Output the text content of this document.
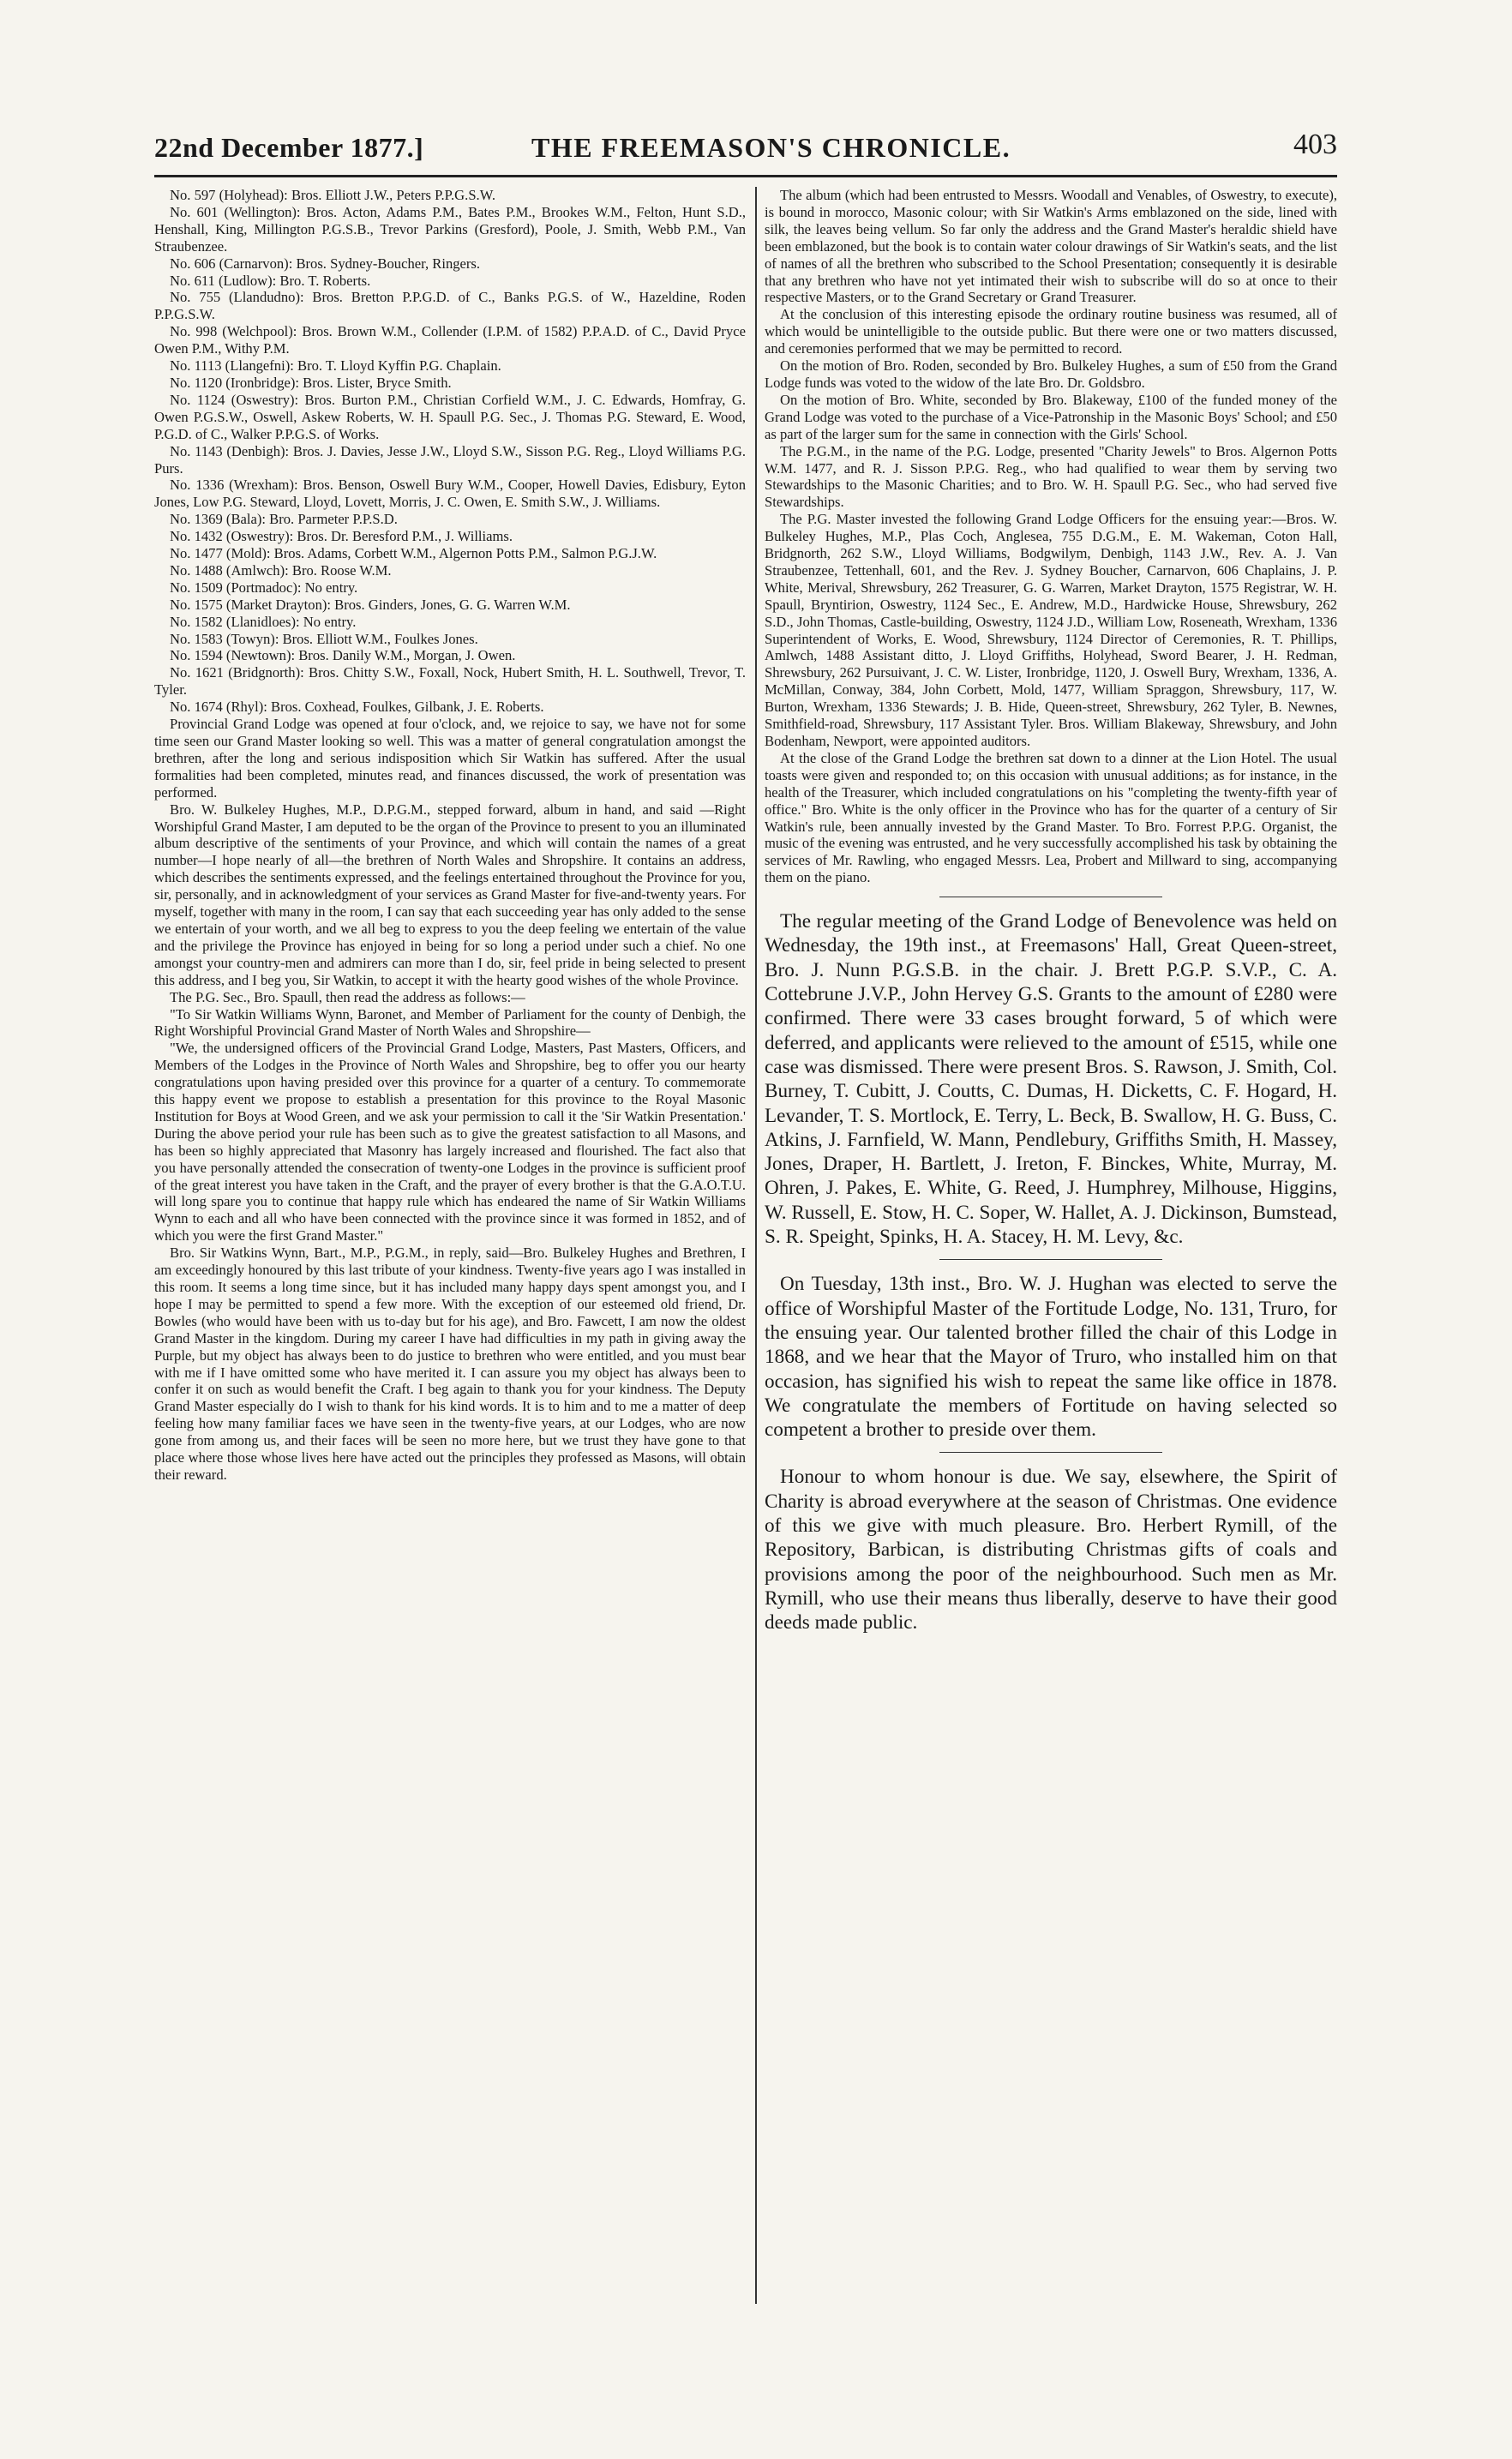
22nd December 1877.]	THE FREEMASON'S CHRONICLE.	403

No. 597 (Holyhead): Bros. Elliott J.W., Peters P.P.G.S.W.

No. 601 (Wellington): Bros. Acton, Adams P.M., Bates P.M., Brookes W.M., Felton, Hunt S.D., Henshall, King, Millington P.G.S.B., Trevor Parkins (Gresford), Poole, J. Smith, Webb P.M., Van Straubenzee.

No. 606 (Carnarvon): Bros. Sydney-Boucher, Ringers.

No. 611 (Ludlow): Bro. T. Roberts.

No. 755 (Llandudno): Bros. Bretton P.P.G.D. of C., Banks P.G.S. of W., Hazeldine, Roden P.P.G.S.W.

No. 998 (Welchpool): Bros. Brown W.M., Collender (I.P.M. of 1582) P.P.A.D. of C., David Pryce Owen P.M., Withy P.M.

No. 1113 (Llangefni): Bro. T. Lloyd Kyffin P.G. Chaplain.

No. 1120 (Ironbridge): Bros. Lister, Bryce Smith.

No. 1124 (Oswestry): Bros. Burton P.M., Christian Corfield W.M., J. C. Edwards, Homfray, G. Owen P.G.S.W., Oswell, Askew Roberts, W. H. Spaull P.G. Sec., J. Thomas P.G. Steward, E. Wood, P.G.D. of C., Walker P.P.G.S. of Works.

No. 1143 (Denbigh): Bros. J. Davies, Jesse J.W., Lloyd S.W., Sisson P.G. Reg., Lloyd Williams P.G. Purs.

No. 1336 (Wrexham): Bros. Benson, Oswell Bury W.M., Cooper, Howell Davies, Edisbury, Eyton Jones, Low P.G. Steward, Lloyd, Lovett, Morris, J. C. Owen, E. Smith S.W., J. Williams.

No. 1369 (Bala): Bro. Parmeter P.P.S.D.

No. 1432 (Oswestry): Bros. Dr. Beresford P.M., J. Williams.

No. 1477 (Mold): Bros. Adams, Corbett W.M., Algernon Potts P.M., Salmon P.G.J.W.

No. 1488 (Amlwch): Bro. Roose W.M.

No. 1509 (Portmadoc): No entry.

No. 1575 (Market Drayton): Bros. Ginders, Jones, G. G. Warren W.M.

No. 1582 (Llanidloes): No entry.

No. 1583 (Towyn): Bros. Elliott W.M., Foulkes Jones.

No. 1594 (Newtown): Bros. Danily W.M., Morgan, J. Owen.

No. 1621 (Bridgnorth): Bros. Chitty S.W., Foxall, Nock, Hubert Smith, H. L. Southwell, Trevor, T. Tyler.

No. 1674 (Rhyl): Bros. Coxhead, Foulkes, Gilbank, J. E. Roberts.

Provincial Grand Lodge was opened at four o'clock, and, we rejoice to say, we have not for some time seen our Grand Master looking so well. This was a matter of general congratulation amongst the brethren, after the long and serious indisposition which Sir Watkin has suffered. After the usual formalities had been completed, minutes read, and finances discussed, the work of presentation was performed.

Bro. W. Bulkeley Hughes, M.P., D.P.G.M., stepped forward, album in hand, and said —Right Worshipful Grand Master, I am deputed to be the organ of the Province to present to you an illuminated album descriptive of the sentiments of your Province, and which will contain the names of a great number—I hope nearly of all—the brethren of North Wales and Shropshire. It contains an address, which describes the sentiments expressed, and the feelings entertained throughout the Province for you, sir, personally, and in acknowledgment of your services as Grand Master for five-and-twenty years. For myself, together with many in the room, I can say that each succeeding year has only added to the sense we entertain of your worth, and we all beg to express to you the deep feeling we entertain of the value and the privilege the Province has enjoyed in being for so long a period under such a chief. No one amongst your country-men and admirers can more than I do, sir, feel pride in being selected to present this address, and I beg you, Sir Watkin, to accept it with the hearty good wishes of the whole Province.

The P.G. Sec., Bro. Spaull, then read the address as follows:—

"To Sir Watkin Williams Wynn, Baronet, and Member of Parliament for the county of Denbigh, the Right Worshipful Provincial Grand Master of North Wales and Shropshire—

"We, the undersigned officers of the Provincial Grand Lodge, Masters, Past Masters, Officers, and Members of the Lodges in the Province of North Wales and Shropshire, beg to offer you our hearty congratulations upon having presided over this province for a quarter of a century. To commemorate this happy event we propose to establish a presentation for this province to the Royal Masonic Institution for Boys at Wood Green, and we ask your permission to call it the 'Sir Watkin Presentation.' During the above period your rule has been such as to give the greatest satisfaction to all Masons, and has been so highly appreciated that Masonry has largely increased and flourished. The fact also that you have personally attended the consecration of twenty-one Lodges in the province is sufficient proof of the great interest you have taken in the Craft, and the prayer of every brother is that the G.A.O.T.U. will long spare you to continue that happy rule which has endeared the name of Sir Watkin Williams Wynn to each and all who have been connected with the province since it was formed in 1852, and of which you were the first Grand Master."

Bro. Sir Watkins Wynn, Bart., M.P., P.G.M., in reply, said—Bro. Bulkeley Hughes and Brethren, I am exceedingly honoured by this last tribute of your kindness. Twenty-five years ago I was installed in this room. It seems a long time since, but it has included many happy days spent amongst you, and I hope I may be permitted to spend a few more. With the exception of our esteemed old friend, Dr. Bowles (who would have been with us to-day but for his age), and Bro. Fawcett, I am now the oldest Grand Master in the kingdom. During my career I have had difficulties in my path in giving away the Purple, but my object has always been to do justice to brethren who were entitled, and you must bear with me if I have omitted some who have merited it. I can assure you my object has always been to confer it on such as would benefit the Craft. I beg again to thank you for your kindness. The Deputy Grand Master especially do I wish to thank for his kind words. It is to him and to me a matter of deep feeling how many familiar faces we have seen in the twenty-five years, at our Lodges, who are now gone from among us, and their faces will be seen no more here, but we trust they have gone to that place where those whose lives here have acted out the principles they professed as Masons, will obtain their reward.

The album (which had been entrusted to Messrs. Woodall and Venables, of Oswestry, to execute), is bound in morocco, Masonic colour; with Sir Watkin's Arms emblazoned on the side, lined with silk, the leaves being vellum. So far only the address and the Grand Master's heraldic shield have been emblazoned, but the book is to contain water colour drawings of Sir Watkin's seats, and the list of names of all the brethren who subscribed to the School Presentation; consequently it is desirable that any brethren who have not yet intimated their wish to subscribe will do so at once to their respective Masters, or to the Grand Secretary or Grand Treasurer.

At the conclusion of this interesting episode the ordinary routine business was resumed, all of which would be unintelligible to the outside public. But there were one or two matters discussed, and ceremonies performed that we may be permitted to record.

On the motion of Bro. Roden, seconded by Bro. Bulkeley Hughes, a sum of £50 from the Grand Lodge funds was voted to the widow of the late Bro. Dr. Goldsbro.

On the motion of Bro. White, seconded by Bro. Blakeway, £100 of the funded money of the Grand Lodge was voted to the purchase of a Vice-Patronship in the Masonic Boys' School; and £50 as part of the larger sum for the same in connection with the Girls' School.

The P.G.M., in the name of the P.G. Lodge, presented "Charity Jewels" to Bros. Algernon Potts W.M. 1477, and R. J. Sisson P.P.G. Reg., who had qualified to wear them by serving two Stewardships to the Masonic Charities; and to Bro. W. H. Spaull P.G. Sec., who had served five Stewardships.

The P.G. Master invested the following Grand Lodge Officers for the ensuing year:—Bros. W. Bulkeley Hughes, M.P., Plas Coch, Anglesea, 755 D.G.M., E. M. Wakeman, Coton Hall, Bridgnorth, 262 S.W., Lloyd Williams, Bodgwilym, Denbigh, 1143 J.W., Rev. A. J. Van Straubenzee, Tettenhall, 601, and the Rev. J. Sydney Boucher, Carnarvon, 606 Chaplains, J. P. White, Merival, Shrewsbury, 262 Treasurer, G. G. Warren, Market Drayton, 1575 Registrar, W. H. Spaull, Bryntirion, Oswestry, 1124 Sec., E. Andrew, M.D., Hardwicke House, Shrewsbury, 262 S.D., John Thomas, Castle-building, Oswestry, 1124 J.D., William Low, Roseneath, Wrexham, 1336 Superintendent of Works, E. Wood, Shrewsbury, 1124 Director of Ceremonies, R. T. Phillips, Amlwch, 1488 Assistant ditto, J. Lloyd Griffiths, Holyhead, Sword Bearer, J. H. Redman, Shrewsbury, 262 Pursuivant, J. C. W. Lister, Ironbridge, 1120, J. Oswell Bury, Wrexham, 1336, A. McMillan, Conway, 384, John Corbett, Mold, 1477, William Spraggon, Shrewsbury, 117, W. Burton, Wrexham, 1336 Stewards; J. B. Hide, Queen-street, Shrewsbury, 262 Tyler, B. Newnes, Smithfield-road, Shrewsbury, 117 Assistant Tyler. Bros. William Blakeway, Shrewsbury, and John Bodenham, Newport, were appointed auditors.

At the close of the Grand Lodge the brethren sat down to a dinner at the Lion Hotel. The usual toasts were given and responded to; on this occasion with unusual additions; as for instance, in the health of the Treasurer, which included congratulations on his "completing the twenty-fifth year of office." Bro. White is the only officer in the Province who has for the quarter of a century of Sir Watkin's rule, been annually invested by the Grand Master. To Bro. Forrest P.P.G. Organist, the music of the evening was entrusted, and he very successfully accomplished his task by obtaining the services of Mr. Rawling, who engaged Messrs. Lea, Probert and Millward to sing, accompanying them on the piano.

The regular meeting of the Grand Lodge of Benevolence was held on Wednesday, the 19th inst., at Freemasons' Hall, Great Queen-street, Bro. J. Nunn P.G.S.B. in the chair. J. Brett P.G.P. S.V.P., C. A. Cottebrune J.V.P., John Hervey G.S. Grants to the amount of £280 were confirmed. There were 33 cases brought forward, 5 of which were deferred, and applicants were relieved to the amount of £515, while one case was dismissed. There were present Bros. S. Rawson, J. Smith, Col. Burney, T. Cubitt, J. Coutts, C. Dumas, H. Dicketts, C. F. Hogard, H. Levander, T. S. Mortlock, E. Terry, L. Beck, B. Swallow, H. G. Buss, C. Atkins, J. Farnfield, W. Mann, Pendlebury, Griffiths Smith, H. Massey, Jones, Draper, H. Bartlett, J. Ireton, F. Binckes, White, Murray, M. Ohren, J. Pakes, E. White, G. Reed, J. Humphrey, Milhouse, Higgins, W. Russell, E. Stow, H. C. Soper, W. Hallet, A. J. Dickinson, Bumstead, S. R. Speight, Spinks, H. A. Stacey, H. M. Levy, &c.

On Tuesday, 13th inst., Bro. W. J. Hughan was elected to serve the office of Worshipful Master of the Fortitude Lodge, No. 131, Truro, for the ensuing year. Our talented brother filled the chair of this Lodge in 1868, and we hear that the Mayor of Truro, who installed him on that occasion, has signified his wish to repeat the same like office in 1878. We congratulate the members of Fortitude on having selected so competent a brother to preside over them.

Honour to whom honour is due. We say, elsewhere, the Spirit of Charity is abroad everywhere at the season of Christmas. One evidence of this we give with much pleasure. Bro. Herbert Rymill, of the Repository, Barbican, is distributing Christmas gifts of coals and provisions among the poor of the neighbourhood. Such men as Mr. Rymill, who use their means thus liberally, deserve to have their good deeds made public.
